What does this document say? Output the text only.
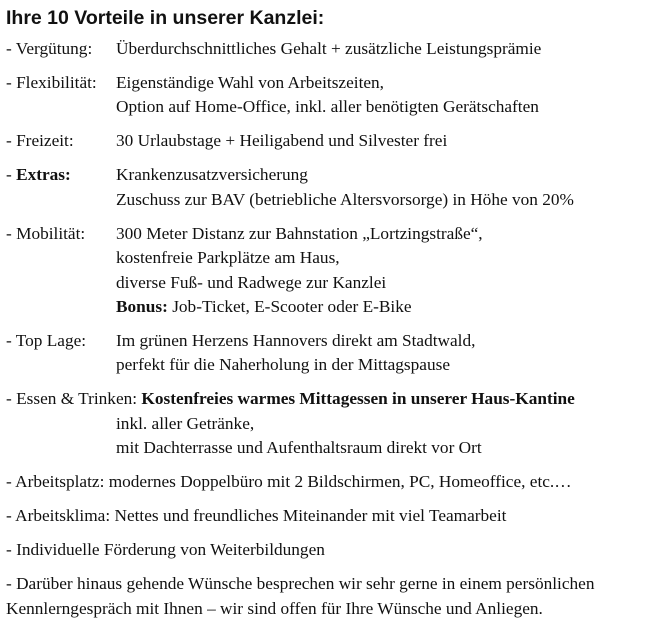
Ihre 10 Vorteile in unserer Kanzlei:
- Vergütung:	Überdurchschnittliches Gehalt + zusätzliche Leistungsprämie
- Flexibilität:	Eigenständige Wahl von Arbeitszeiten,
Option auf Home-Office, inkl. aller benötigten Gerätschaften
- Freizeit:	30 Urlaubstage + Heiligabend und Silvester frei
- Extras:	Krankenzusatzversicherung
Zuschuss zur BAV (betriebliche Altersvorsorge) in Höhe von 20%
- Mobilität:	300 Meter Distanz zur Bahnstation „Lortzingstraße“,
kostenfreie Parkplätze am Haus,
diverse Fuß- und Radwege zur Kanzlei
Bonus: Job-Ticket, E-Scooter oder E-Bike
- Top Lage:	Im grünen Herzens Hannovers direkt am Stadtwald,
perfekt für die Naherholung in der Mittagspause
- Essen & Trinken: Kostenfreies warmes Mittagessen in unserer Haus-Kantine
inkl. aller Getränke,
mit Dachterrasse und Aufenthaltsraum direkt vor Ort
- Arbeitsplatz: modernes Doppelbüro mit 2 Bildschirmen, PC, Homeoffice, etc.…
- Arbeitsklima: Nettes und freundliches Miteinander mit viel Teamarbeit
- Individuelle Förderung von Weiterbildungen

- Darüber hinaus gehende Wünsche besprechen wir sehr gerne in einem persönlichen Kennlerngespräch mit Ihnen – wir sind offen für Ihre Wünsche und Anliegen.
